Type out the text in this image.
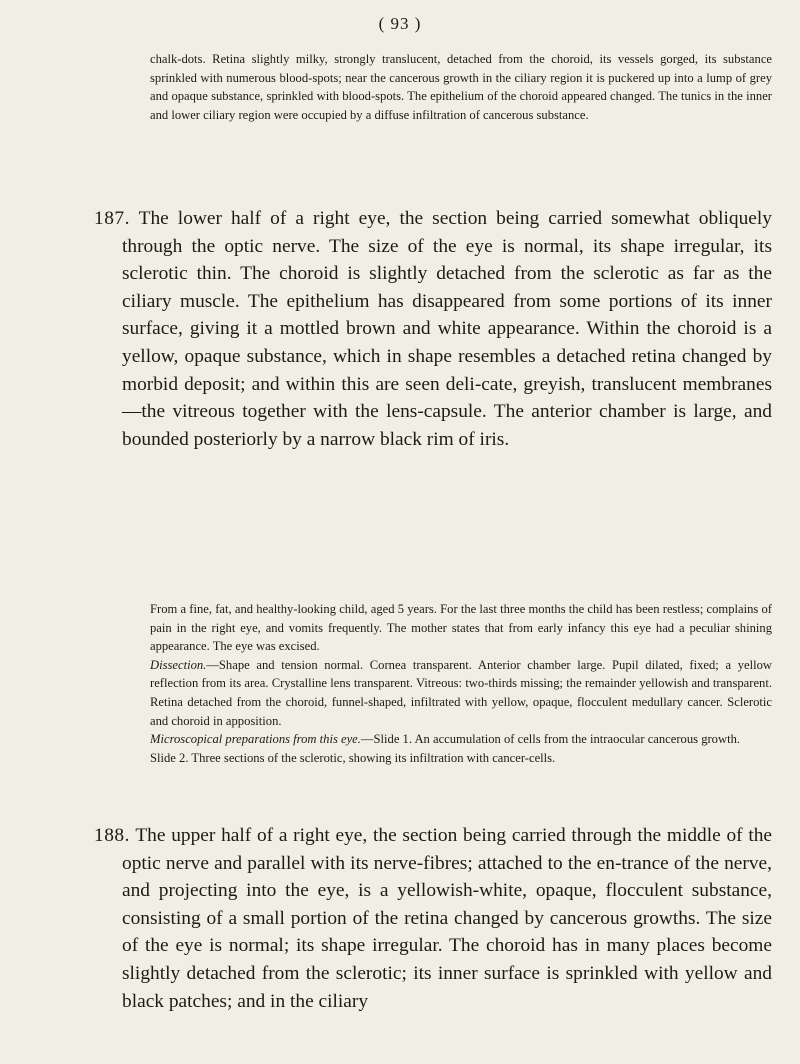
( 93 )

chalk-dots. Retina slightly milky, strongly translucent, detached from the choroid, its vessels gorged, its substance sprinkled with numerous blood-spots; near the cancerous growth in the ciliary region it is puckered up into a lump of grey and opaque substance, sprinkled with blood-spots. The epithelium of the choroid appeared changed. The tunics in the inner and lower ciliary region were occupied by a diffuse infiltration of cancerous substance.

187. The lower half of a right eye, the section being carried somewhat obliquely through the optic nerve. The size of the eye is normal, its shape irregular, its sclerotic thin. The choroid is slightly detached from the sclerotic as far as the ciliary muscle. The epithelium has disappeared from some portions of its inner surface, giving it a mottled brown and white appearance. Within the choroid is a yellow, opaque substance, which in shape resembles a detached retina changed by morbid deposit; and within this are seen deli-cate, greyish, translucent membranes—the vitreous together with the lens-capsule. The anterior chamber is large, and bounded posteriorly by a narrow black rim of iris.

From a fine, fat, and healthy-looking child, aged 5 years. For the last three months the child has been restless; complains of pain in the right eye, and vomits frequently. The mother states that from early infancy this eye had a peculiar shining appearance. The eye was excised.

Dissection.—Shape and tension normal. Cornea transparent. Anterior chamber large. Pupil dilated, fixed; a yellow reflection from its area. Crystalline lens transparent. Vitreous: two-thirds missing; the remainder yellowish and transparent. Retina detached from the choroid, funnel-shaped, infiltrated with yellow, opaque, flocculent medullary cancer. Sclerotic and choroid in apposition.

Microscopical preparations from this eye.—Slide 1. An accumulation of cells from the intraocular cancerous growth.

Slide 2. Three sections of the sclerotic, showing its infiltration with cancer-cells.

188. The upper half of a right eye, the section being carried through the middle of the optic nerve and parallel with its nerve-fibres; attached to the en-trance of the nerve, and projecting into the eye, is a yellowish-white, opaque, flocculent substance, consisting of a small portion of the retina changed by cancerous growths. The size of the eye is normal; its shape irregular. The choroid has in many places become slightly detached from the sclerotic; its inner surface is sprinkled with yellow and black patches; and in the ciliary
